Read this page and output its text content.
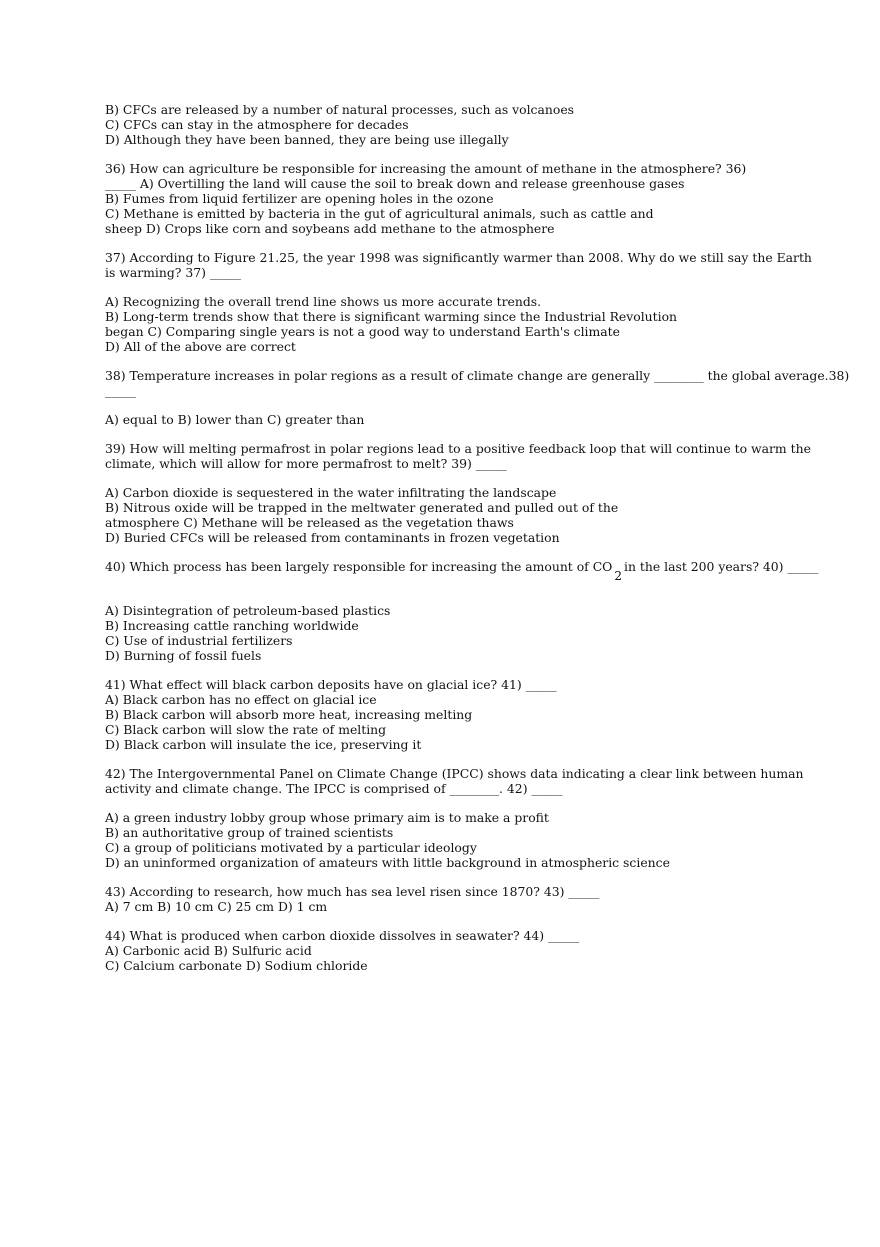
B) CFCs are released by a number of natural processes, such as volcanoes
C) CFCs can stay in the atmosphere for decades
D) Although they have been banned, they are being use illegally
36) How can agriculture be responsible for increasing the amount of methane in the atmosphere? 36)
_____ A) Overtilling the land will cause the soil to break down and release greenhouse gases
B) Fumes from liquid fertilizer are opening holes in the ozone
C) Methane is emitted by bacteria in the gut of agricultural animals, such as cattle and
sheep D) Crops like corn and soybeans add methane to the atmosphere
37) According to Figure 21.25, the year 1998 was significantly warmer than 2008. Why do we still say the Earth
is warming? 37) _____
A) Recognizing the overall trend line shows us more accurate trends.
B) Long-term trends show that there is significant warming since the Industrial Revolution
began C) Comparing single years is not a good way to understand Earth's climate
D) All of the above are correct
38) Temperature increases in polar regions as a result of climate change are generally ________ the global average.38)
_____
A) equal to B) lower than C) greater than
39) How will melting permafrost in polar regions lead to a positive feedback loop that will continue to warm the
climate, which will allow for more permafrost to melt? 39) _____
A) Carbon dioxide is sequestered in the water infiltrating the landscape
B) Nitrous oxide will be trapped in the meltwater generated and pulled out of the
atmosphere C) Methane will be released as the vegetation thaws
D) Buried CFCs will be released from contaminants in frozen vegetation
40) Which process has been largely responsible for increasing the amount of $CO_2in$ the last 200 years? 40) _____
A) Disintegration of petroleum-based plastics
B) Increasing cattle ranching worldwide
C) Use of industrial fertilizers
D) Burning of fossil fuels
41) What effect will black carbon deposits have on glacial ice? 41) _____
A) Black carbon has no effect on glacial ice
B) Black carbon will absorb more heat, increasing melting
C) Black carbon will slow the rate of melting
D) Black carbon will insulate the ice, preserving it
42) The Intergovernmental Panel on Climate Change (IPCC) shows data indicating a clear link between human
activity and climate change. The IPCC is comprised of ________. 42) _____
A) a green industry lobby group whose primary aim is to make a profit
B) an authoritative group of trained scientists
C) a group of politicians motivated by a particular ideology
D) an uninformed organization of amateurs with little background in atmospheric science
43) According to research, how much has sea level risen since 1870? 43) _____
A) 7 cm B) 10 cm C) 25 cm D) 1 cm
44) What is produced when carbon dioxide dissolves in seawater? 44) _____
A) Carbonic acid B) Sulfuric acid
C) Calcium carbonate D) Sodium chloride
